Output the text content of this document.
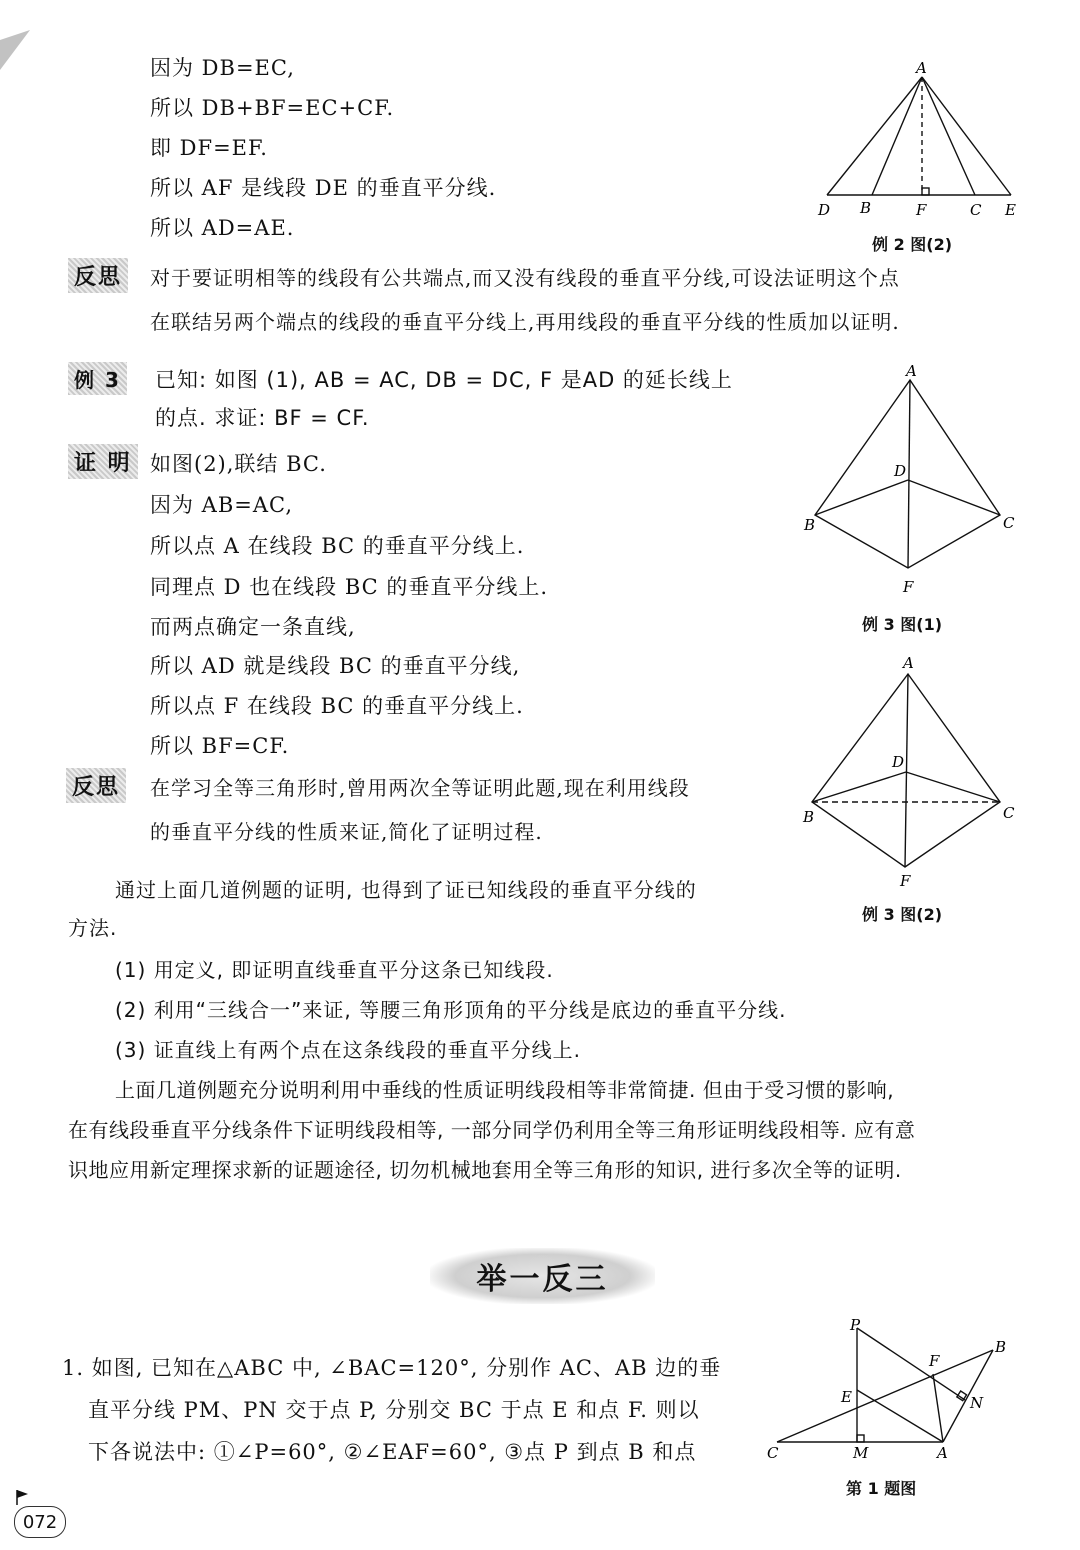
因为 DB=EC,
所以 DB+BF=EC+CF.
即 DF=EF.
所以 AF 是线段 DE 的垂直平分线.
所以 AD=AE.
A
D B	F	C E
例 2 图(2)
反思	对于要证明相等的线段有公共端点,而又没有线段的垂直平分线,可设法证明这个点
在联结另两个端点的线段的垂直平分线上,再用线段的垂直平分线的性质加以证明.
例 3 已知: 如图 (1), AB = AC, DB = DC, F 是AD 的延长线上
的点. 求证: BF = CF.
证 明 如图(2),联结 BC.
因为 AB=AC,
所以点 A 在线段 BC 的垂直平分线上.
同理点 D 也在线段 BC 的垂直平分线上.
而两点确定一条直线,
所以 AD 就是线段 BC 的垂直平分线,
所以点 F 在线段 BC 的垂直平分线上.
所以 BF=CF.
A
D
B	C
F
例 3 图(1)
A
D
B	C
F
例 3 图(2)
反思	在学习全等三角形时,曾用两次全等证明此题,现在利用线段
的垂直平分线的性质来证,简化了证明过程.
通过上面几道例题的证明, 也得到了证已知线段的垂直平分线的
方法.
(1) 用定义, 即证明直线垂直平分这条已知线段.
(2) 利用“三线合一”来证, 等腰三角形顶角的平分线是底边的垂直平分线.
(3) 证直线上有两个点在这条线段的垂直平分线上.
上面几道例题充分说明利用中垂线的性质证明线段相等非常简捷. 但由于受习惯的影响,
在有线段垂直平分线条件下证明线段相等, 一部分同学仍利用全等三角形证明线段相等. 应有意
识地应用新定理探求新的证题途径, 切勿机械地套用全等三角形的知识, 进行多次全等的证明.
举一反三
1. 如图, 已知在△ABC 中, ∠BAC=120°, 分别作 AC、AB 边的垂
直平分线 PM、PN 交于点 P, 分别交 BC 于点 E 和点 F. 则以
下各说法中: ①∠P=60°, ②∠EAF=60°, ③点 P 到点 B 和点
P
B
F
E	N
C	M	A
第 1 题图
072
